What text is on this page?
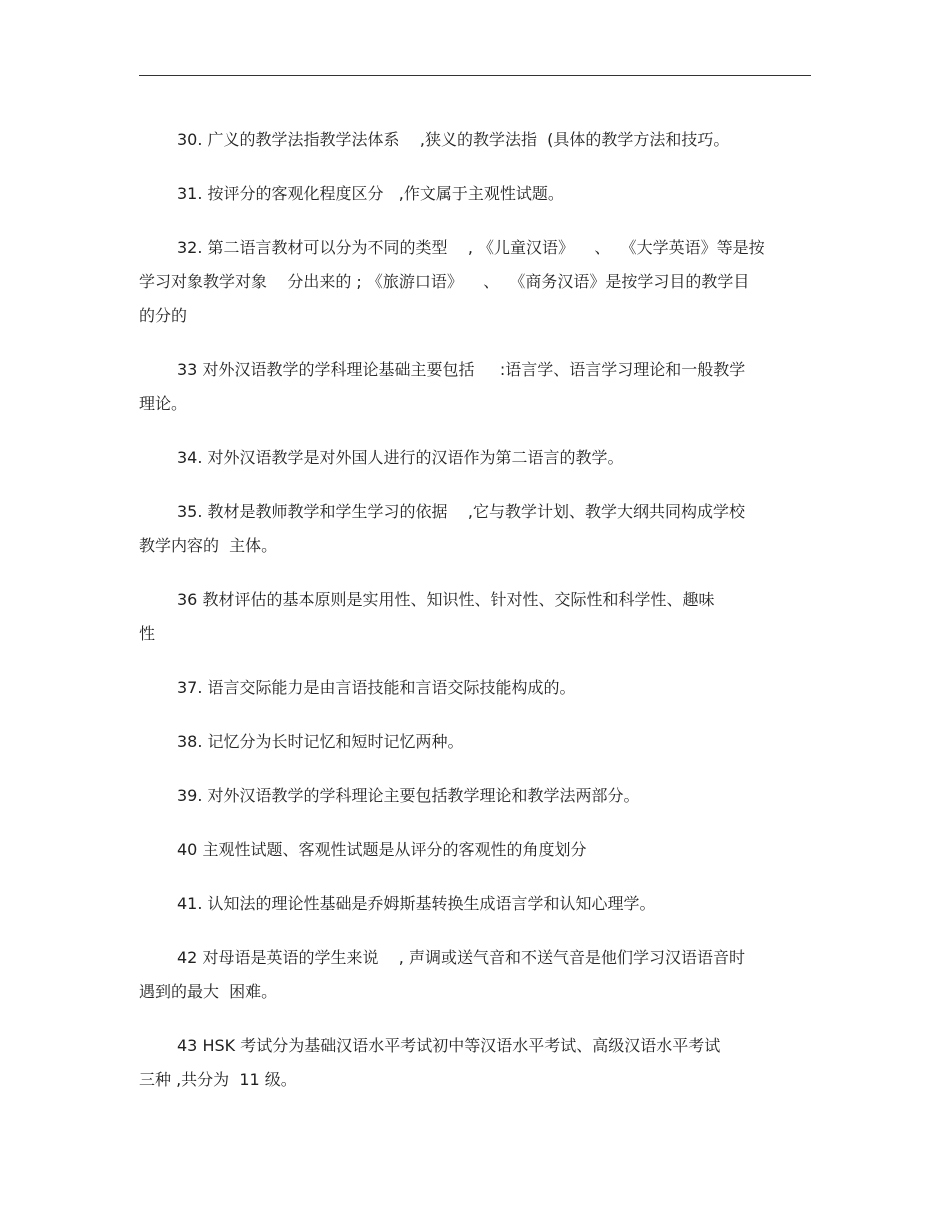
30. 广义的教学法指教学法体系    ,狭义的教学法指  (具体的教学方法和技巧。
31. 按评分的客观化程度区分   ,作文属于主观性试题。
32. 第二语言教材可以分为不同的类型    , 《儿童汉语》    、  《大学英语》等是按
学习对象教学对象    分出来的 ; 《旅游口语》    、  《商务汉语》是按学习目的教学目
的分的
33 对外汉语教学的学科理论基础主要包括     :语言学、语言学习理论和一般教学
理论。
34. 对外汉语教学是对外国人进行的汉语作为第二语言的教学。
35. 教材是教师教学和学生学习的依据    ,它与教学计划、教学大纲共同构成学校
教学内容的  主体。
36 教材评估的基本原则是实用性、知识性、针对性、交际性和科学性、趣味
性
37. 语言交际能力是由言语技能和言语交际技能构成的。
38. 记忆分为长时记忆和短时记忆两种。
39. 对外汉语教学的学科理论主要包括教学理论和教学法两部分。
40 主观性试题、客观性试题是从评分的客观性的角度划分
41. 认知法的理论性基础是乔姆斯基转换生成语言学和认知心理学。
42 对母语是英语的学生来说    , 声调或送气音和不送气音是他们学习汉语语音时
遇到的最大  困难。
43 HSK 考试分为基础汉语水平考试初中等汉语水平考试、高级汉语水平考试
三种 ,共分为  11 级。
